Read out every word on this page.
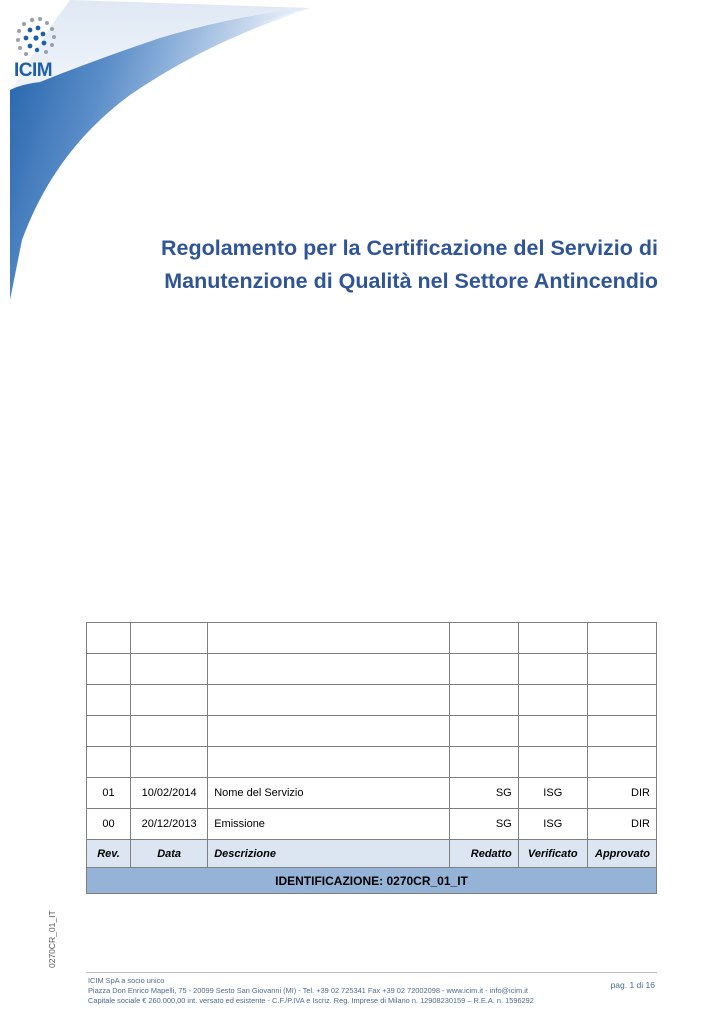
ICIM
Regolamento per la Certificazione del Servizio di
Manutenzione di Qualità nel Settore Antincendio

01	10/02/2014	Nome del Servizio	SG	ISG	DIR
00	20/12/2013	Emissione	SG	ISG	DIR
Rev.	Data	Descrizione	Redatto	Verificato	Approvato
IDENTIFICAZIONE: 0270CR_01_IT					
0270CR_01_IT
ICIM SpA a socio unico
Piazza Don Enrico Mapelli, 75 - 20099 Sesto San Giovanni (MI) - Tel. +39 02 725341 Fax +39 02 72002098 - www.icim.it - info@icim.it
Capitale sociale € 260.000,00 int. versato ed esistente - C.F./P.IVA e Iscriz. Reg. Imprese di Milano n. 12908230159 – R.E.A. n. 1596292
pag. 1 di 16
